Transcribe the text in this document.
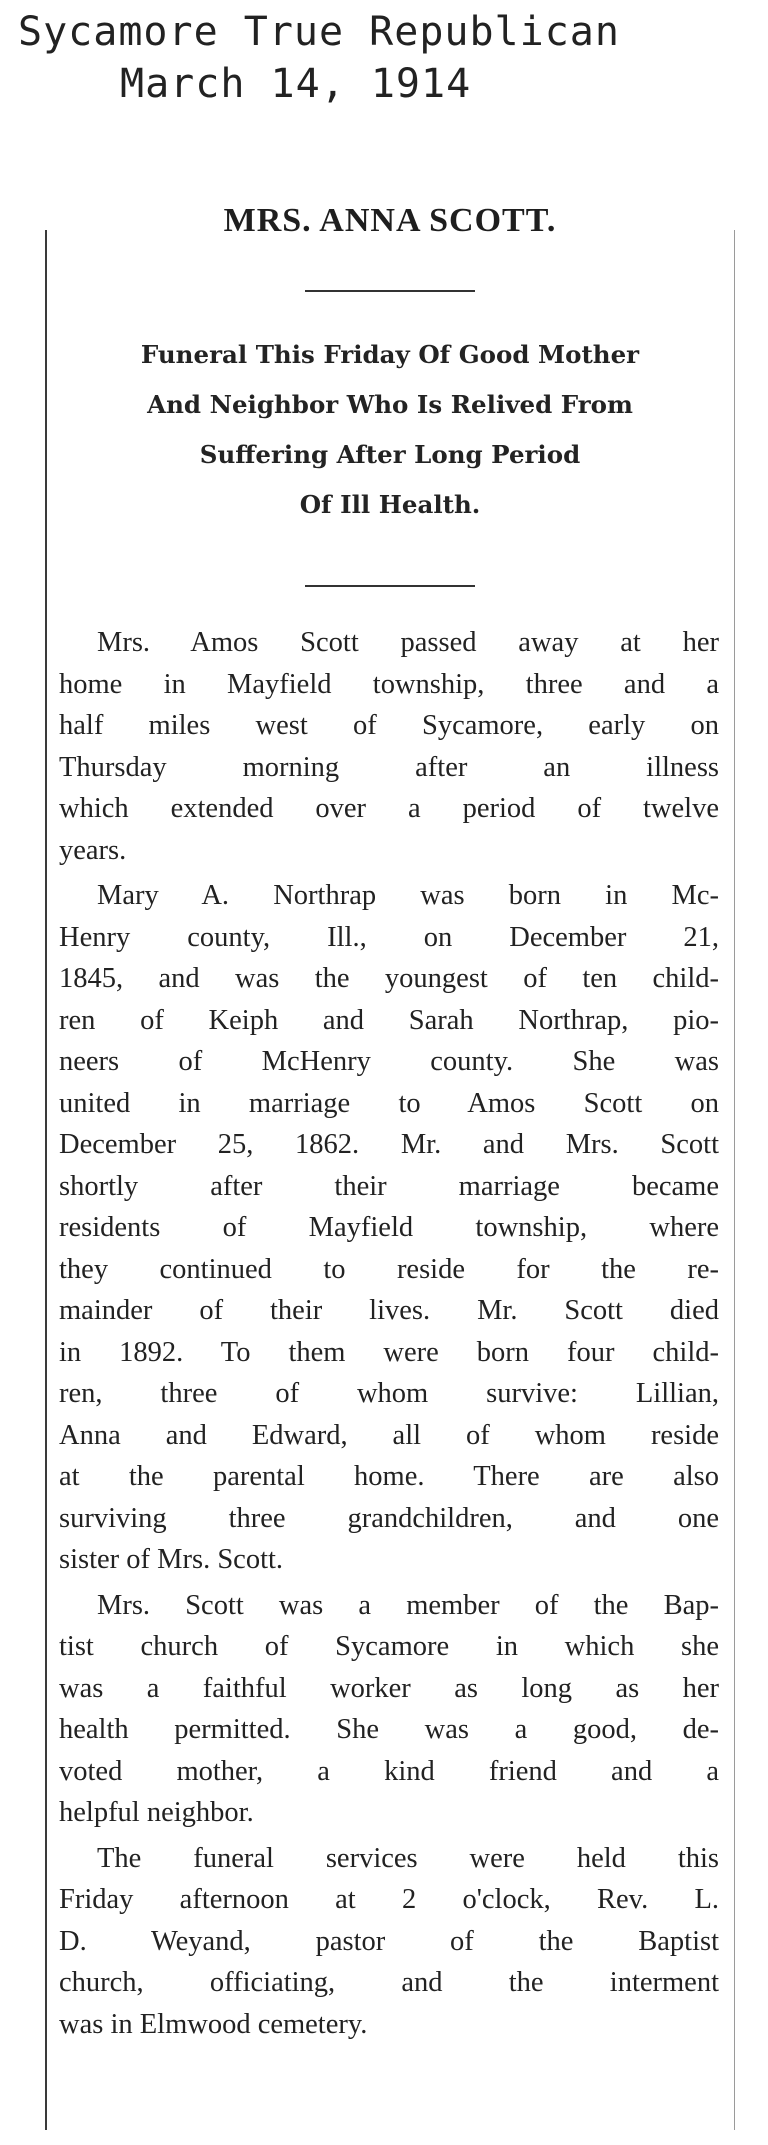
Sycamore True Republican
March 14, 1914
MRS. ANNA SCOTT.
Funeral This Friday Of Good Mother
And Neighbor Who Is Relived From
Suffering After Long Period
Of Ill Health.

Mrs. Amos Scott passed away at her
home in Mayfield township, three and a
half miles west of Sycamore, early on
Thursday morning after an illness
which extended over a period of twelve
years.

Mary A. Northrap was born in Mc-
Henry county, Ill., on December 21,
1845, and was the youngest of ten child-
ren of Keiph and Sarah Northrap, pio-
neers of McHenry county. She was
united in marriage to Amos Scott on
December 25, 1862. Mr. and Mrs. Scott
shortly after their marriage became
residents of Mayfield township, where
they continued to reside for the re-
mainder of their lives. Mr. Scott died
in 1892. To them were born four child-
ren, three of whom survive: Lillian,
Anna and Edward, all of whom reside
at the parental home. There are also
surviving three grandchildren, and one
sister of Mrs. Scott.

Mrs. Scott was a member of the Bap-
tist church of Sycamore in which she
was a faithful worker as long as her
health permitted. She was a good, de-
voted mother, a kind friend and a
helpful neighbor.

The funeral services were held this
Friday afternoon at 2 o'clock, Rev. L.
D. Weyand, pastor of the Baptist
church, officiating, and the interment
was in Elmwood cemetery.
